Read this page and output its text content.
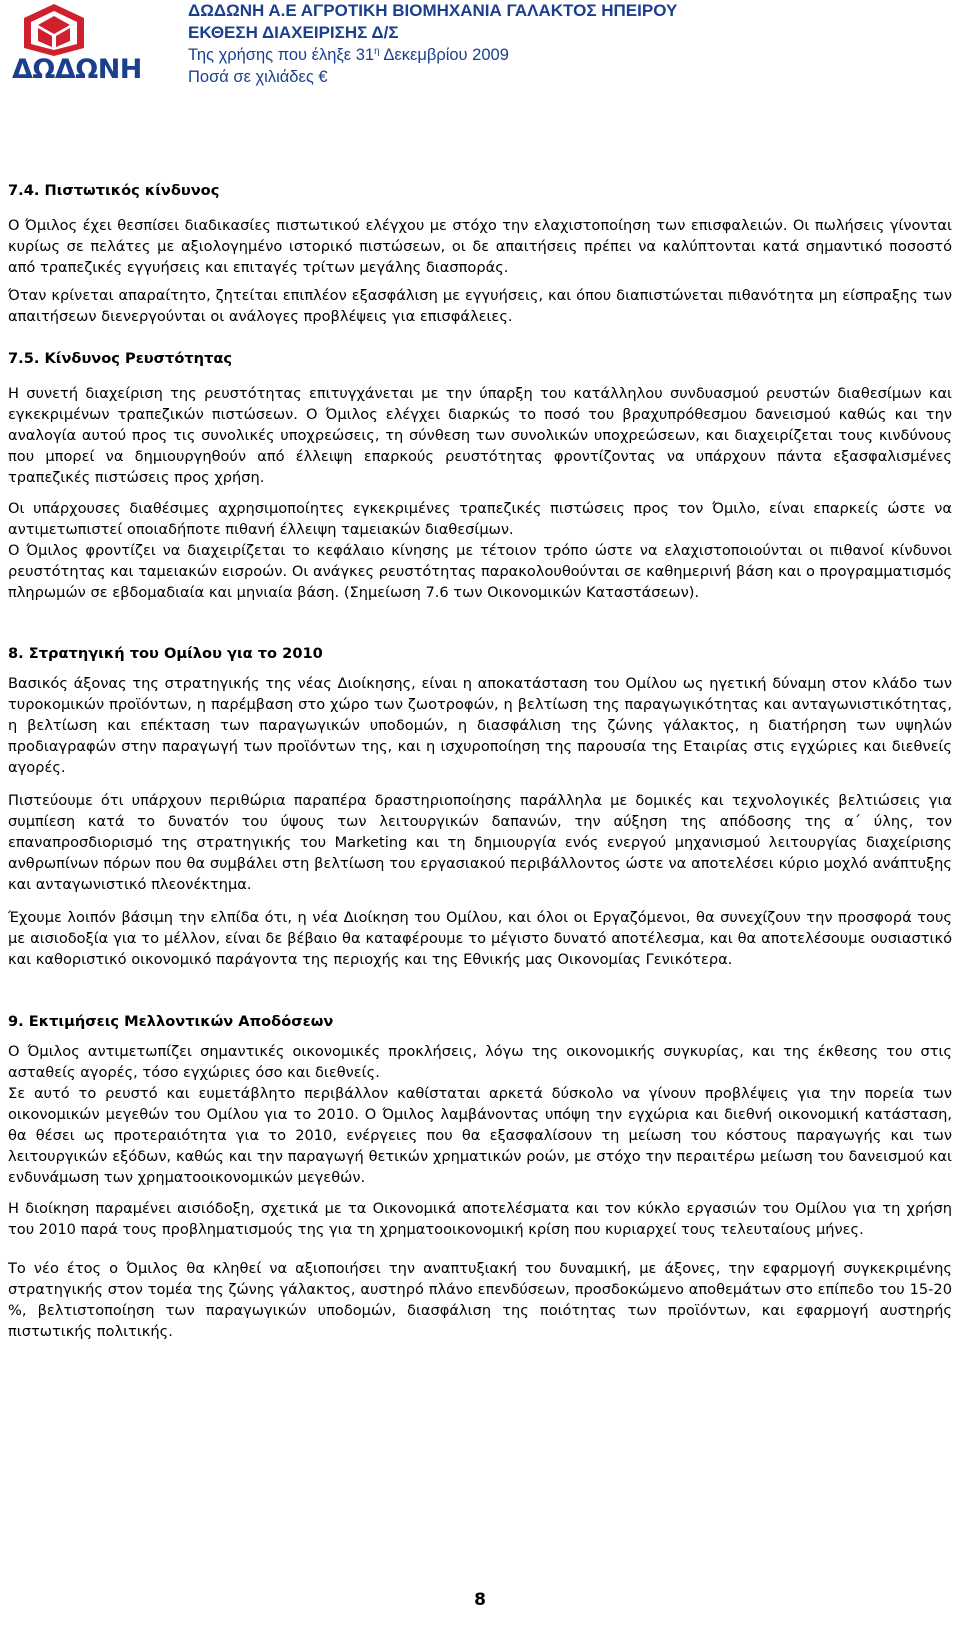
ΔΩΔΩΝΗ
ΔΩΔΩΝΗ Α.Ε ΑΓΡΟΤΙΚΗ ΒΙΟΜΗΧΑΝΙΑ ΓΑΛΑΚΤΟΣ ΗΠΕΙΡΟΥ
ΕΚΘΕΣΗ ΔΙΑΧΕΙΡΙΣΗΣ Δ/Σ
Της χρήσης που έληξε $31^\eta$ Δεκεμβρίου 2009
Ποσά σε χιλιάδες €

7.4. Πιστωτικός κίνδυνος

Ο Όμιλος έχει θεσπίσει διαδικασίες πιστωτικού ελέγχου με στόχο την ελαχιστοποίηση των επισφαλειών. Οι πωλήσεις γίνονται κυρίως σε πελάτες με αξιολογημένο ιστορικό πιστώσεων, οι δε απαιτήσεις πρέπει να καλύπτονται κατά σημαντικό ποσοστό από τραπεζικές εγγυήσεις και επιταγές τρίτων μεγάλης διασποράς.

Όταν κρίνεται απαραίτητο, ζητείται επιπλέον εξασφάλιση με εγγυήσεις, και όπου διαπιστώνεται πιθανότητα μη είσπραξης των απαιτήσεων διενεργούνται οι ανάλογες προβλέψεις για επισφάλειες.

7.5. Κίνδυνος Ρευστότητας

Η συνετή διαχείριση της ρευστότητας επιτυγχάνεται με την ύπαρξη του κατάλληλου συνδυασμού ρευστών διαθεσίμων και εγκεκριμένων τραπεζικών πιστώσεων. Ο Όμιλος ελέγχει διαρκώς το ποσό του βραχυπρόθεσμου δανεισμού καθώς και την αναλογία αυτού προς τις συνολικές υποχρεώσεις, τη σύνθεση των συνολικών υποχρεώσεων, και διαχειρίζεται τους κινδύνους που μπορεί να δημιουργηθούν από έλλειψη επαρκούς ρευστότητας φροντίζοντας να υπάρχουν πάντα εξασφαλισμένες τραπεζικές πιστώσεις προς χρήση.

Οι υπάρχουσες διαθέσιμες αχρησιμοποίητες εγκεκριμένες τραπεζικές πιστώσεις προς τον Όμιλο, είναι επαρκείς ώστε να αντιμετωπιστεί οποιαδήποτε πιθανή έλλειψη ταμειακών διαθεσίμων.

Ο Όμιλος φροντίζει να διαχειρίζεται το κεφάλαιο κίνησης με τέτοιον τρόπο ώστε να ελαχιστοποιούνται οι πιθανοί κίνδυνοι ρευστότητας και ταμειακών εισροών. Οι ανάγκες ρευστότητας παρακολουθούνται σε καθημερινή βάση και ο προγραμματισμός πληρωμών σε εβδομαδιαία και μηνιαία βάση. (Σημείωση 7.6 των Οικονομικών Καταστάσεων).

8. Στρατηγική του Ομίλου για το 2010

Βασικός άξονας της στρατηγικής της νέας Διοίκησης, είναι η αποκατάσταση του Ομίλου ως ηγετική δύναμη στον κλάδο των τυροκομικών προϊόντων, η παρέμβαση στο χώρο των ζωοτροφών, η βελτίωση της παραγωγικότητας και ανταγωνιστικότητας, η βελτίωση και επέκταση των παραγωγικών υποδομών, η διασφάλιση της ζώνης γάλακτος, η διατήρηση των υψηλών προδιαγραφών στην παραγωγή των προϊόντων της, και η ισχυροποίηση της παρουσία της Εταιρίας στις εγχώριες και διεθνείς αγορές.

Πιστεύουμε ότι υπάρχουν περιθώρια παραπέρα δραστηριοποίησης παράλληλα με δομικές και τεχνολογικές βελτιώσεις για συμπίεση κατά το δυνατόν του ύψους των λειτουργικών δαπανών, την αύξηση της απόδοσης της α΄ ύλης, τον επαναπροσδιορισμό της στρατηγικής του Marketing και τη δημιουργία ενός ενεργού μηχανισμού λειτουργίας διαχείρισης ανθρωπίνων πόρων που θα συμβάλει στη βελτίωση του εργασιακού περιβάλλοντος ώστε να αποτελέσει κύριο μοχλό ανάπτυξης και ανταγωνιστικό πλεονέκτημα.

Έχουμε λοιπόν βάσιμη την ελπίδα ότι, η νέα Διοίκηση του Ομίλου, και όλοι οι Εργαζόμενοι, θα συνεχίζουν την προσφορά τους με αισιοδοξία για το μέλλον, είναι δε βέβαιο θα καταφέρουμε το μέγιστο δυνατό αποτέλεσμα, και θα αποτελέσουμε ουσιαστικό και καθοριστικό οικονομικό παράγοντα της περιοχής και της Εθνικής μας Οικονομίας Γενικότερα.

9. Εκτιμήσεις Μελλοντικών Αποδόσεων

Ο Όμιλος αντιμετωπίζει σημαντικές οικονομικές προκλήσεις, λόγω της οικονομικής συγκυρίας, και της έκθεσης του στις ασταθείς αγορές, τόσο εγχώριες όσο και διεθνείς.

Σε αυτό το ρευστό και ευμετάβλητο περιβάλλον καθίσταται αρκετά δύσκολο να γίνουν προβλέψεις για την πορεία των οικονομικών μεγεθών του Ομίλου για το 2010. Ο Όμιλος λαμβάνοντας υπόψη την εγχώρια και διεθνή οικονομική κατάσταση, θα θέσει ως προτεραιότητα για το 2010, ενέργειες που θα εξασφαλίσουν τη μείωση του κόστους παραγωγής και των λειτουργικών εξόδων, καθώς και την παραγωγή θετικών χρηματικών ροών, με στόχο την περαιτέρω μείωση του δανεισμού και ενδυνάμωση των χρηματοοικονομικών μεγεθών.

Η διοίκηση παραμένει αισιόδοξη, σχετικά με τα Οικονομικά αποτελέσματα και τον κύκλο εργασιών του Ομίλου για τη χρήση του 2010 παρά τους προβληματισμούς της για τη χρηματοοικονομική κρίση που κυριαρχεί τους τελευταίους μήνες.

Το νέο έτος ο Όμιλος θα κληθεί να αξιοποιήσει την αναπτυξιακή του δυναμική, με άξονες, την εφαρμογή συγκεκριμένης στρατηγικής στον τομέα της ζώνης γάλακτος, αυστηρό πλάνο επενδύσεων, προσδοκώμενο αποθεμάτων στο επίπεδο του 15-20 %, βελτιστοποίηση των παραγωγικών υποδομών, διασφάλιση της ποιότητας των προϊόντων, και εφαρμογή αυστηρής πιστωτικής πολιτικής.

8
